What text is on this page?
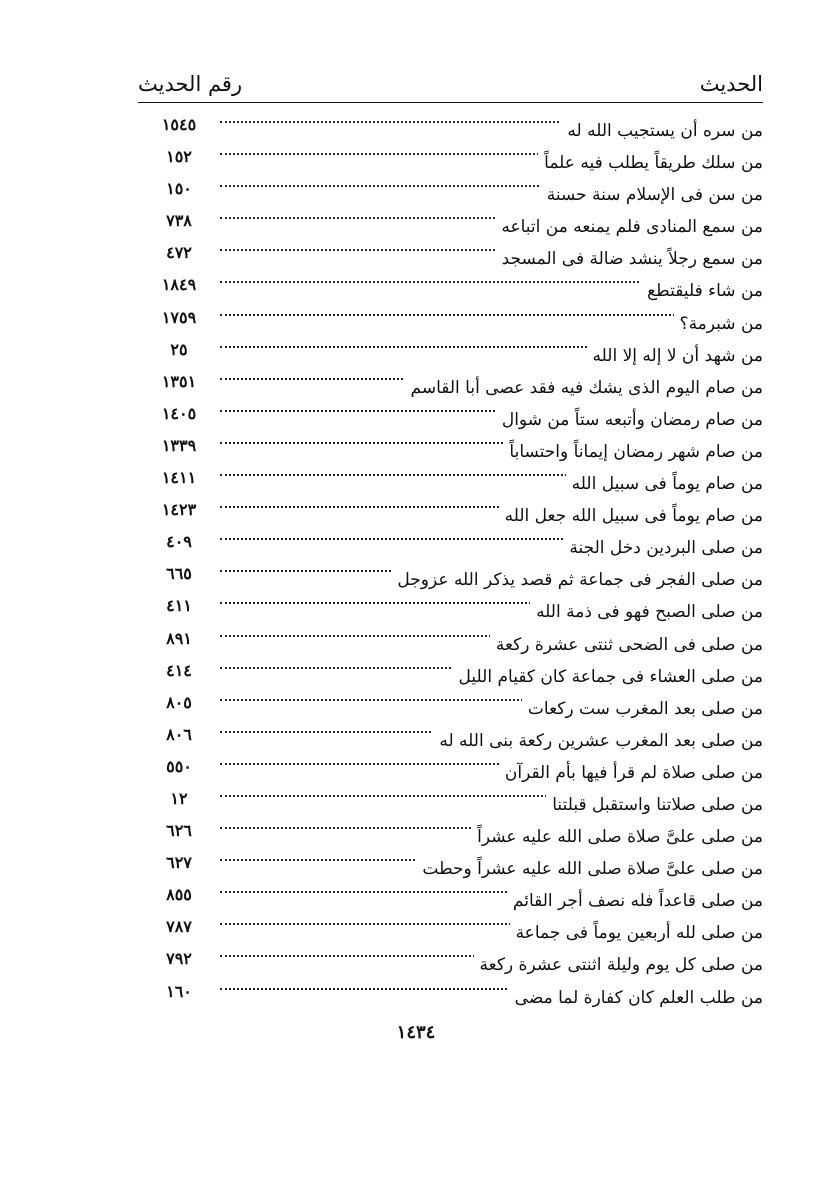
الحديث
رقم الحديث
من سره أن يستجيب الله له
١٥٤٥
من سلك طريقاً يطلب فيه علماً
١٥٢
من سن فى الإسلام سنة حسنة
١٥٠
من سمع المنادى فلم يمنعه من اتباعه
٧٣٨
من سمع رجلاً ينشد ضالة فى المسجد
٤٧٢
من شاء فليقتطع
١٨٤٩
من شبرمة؟
١٧٥٩
من شهد أن لا إله إلا الله
٢٥
من صام اليوم الذى يشك فيه فقد عصى أبا القاسم
١٣٥١
من صام رمضان وأتبعه ستاً من شوال
١٤٠٥
من صام شهر رمضان إيماناً واحتساباً
١٣٣٩
من صام يوماً فى سبيل الله
١٤١١
من صام يوماً فى سبيل الله جعل الله
١٤٢٣
من صلى البردين دخل الجنة
٤٠٩
من صلى الفجر فى جماعة ثم قصد يذكر الله عزوجل
٦٦٥
من صلى الصبح فهو فى ذمة الله
٤١١
من صلى فى الضحى ثنتى عشرة ركعة
٨٩١
من صلى العشاء فى جماعة كان كقيام الليل
٤١٤
من صلى بعد المغرب ست ركعات
٨٠٥
من صلى بعد المغرب عشرين ركعة بنى الله له
٨٠٦
من صلى صلاة لم قرأ فيها بأم القرآن
٥٥٠
من صلى صلاتنا واستقبل قبلتنا
١٢
من صلى علىَّ صلاة صلى الله عليه عشراً
٦٢٦
من صلى علىَّ صلاة صلى الله عليه عشراً وحطت
٦٢٧
من صلى قاعداً فله نصف أجر القائم
٨٥٥
من صلى لله أربعين يوماً فى جماعة
٧٨٧
من صلى كل يوم وليلة اثنتى عشرة ركعة
٧٩٢
من طلب العلم كان كفارة لما مضى
١٦٠
١٤٣٤
